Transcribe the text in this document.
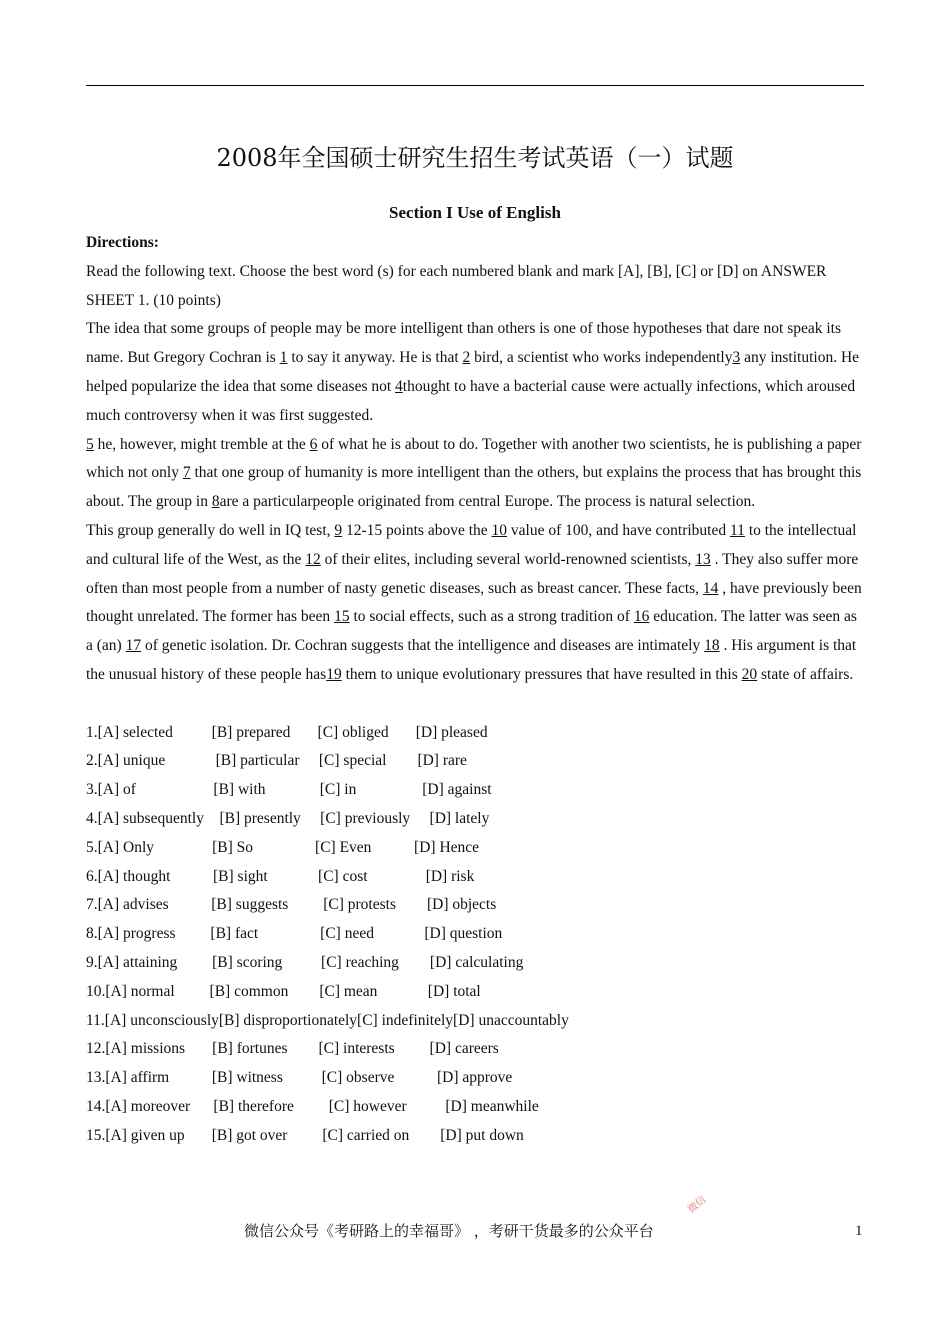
2008年全国硕士研究生招生考试英语（一）试题
Section I Use of English

Directions:

Read the following text. Choose the best word (s) for each numbered blank and mark [A], [B], [C] or [D] on ANSWER SHEET 1. (10 points)

The idea that some groups of people may be more intelligent than others is one of those hypotheses that dare not speak its name. But Gregory Cochran is 1 to say it anyway. He is that 2 bird, a scientist who works independently3 any institution. He helped popularize the idea that some diseases not 4thought to have a bacterial cause were actually infections, which aroused much controversy when it was first suggested.

5 he, however, might tremble at the 6 of what he is about to do. Together with another two scientists, he is publishing a paper which not only 7 that one group of humanity is more intelligent than the others, but explains the process that has brought this about. The group in 8are a particularpeople originated from central Europe. The process is natural selection.

This group generally do well in IQ test, 9 12-15 points above the 10 value of 100, and have contributed 11 to the intellectual and cultural life of the West, as the 12 of their elites, including several world-renowned scientists, 13 . They also suffer more often than most people from a number of nasty genetic diseases, such as breast cancer. These facts, 14 , have previously been thought unrelated. The former has been 15 to social effects, such as a strong tradition of 16 education. The latter was seen as a (an) 17 of genetic isolation. Dr. Cochran suggests that the intelligence and diseases are intimately 18 . His argument is that the unusual history of these people has19 them to unique evolutionary pressures that have resulted in this 20 state of affairs.

1.[A] selected          [B] prepared       [C] obliged       [D] pleased

2.[A] unique             [B] particular     [C] special        [D] rare

3.[A] of                    [B] with              [C] in                 [D] against

4.[A] subsequently    [B] presently     [C] previously     [D] lately

5.[A] Only               [B] So                [C] Even           [D] Hence

6.[A] thought           [B] sight             [C] cost               [D] risk

7.[A] advises           [B] suggests         [C] protests        [D] objects

8.[A] progress         [B] fact                [C] need             [D] question

9.[A] attaining         [B] scoring          [C] reaching        [D] calculating

10.[A] normal         [B] common        [C] mean             [D] total

11.[A] unconsciously[B] disproportionately[C] indefinitely[D] unaccountably

12.[A] missions       [B] fortunes        [C] interests         [D] careers

13.[A] affirm           [B] witness          [C] observe           [D] approve

14.[A] moreover      [B] therefore         [C] however          [D] meanwhile

15.[A] given up       [B] got over         [C] carried on        [D] put down

微信
微信公众号《考研路上的幸福哥》 ，考研干货最多的公众平台	1
